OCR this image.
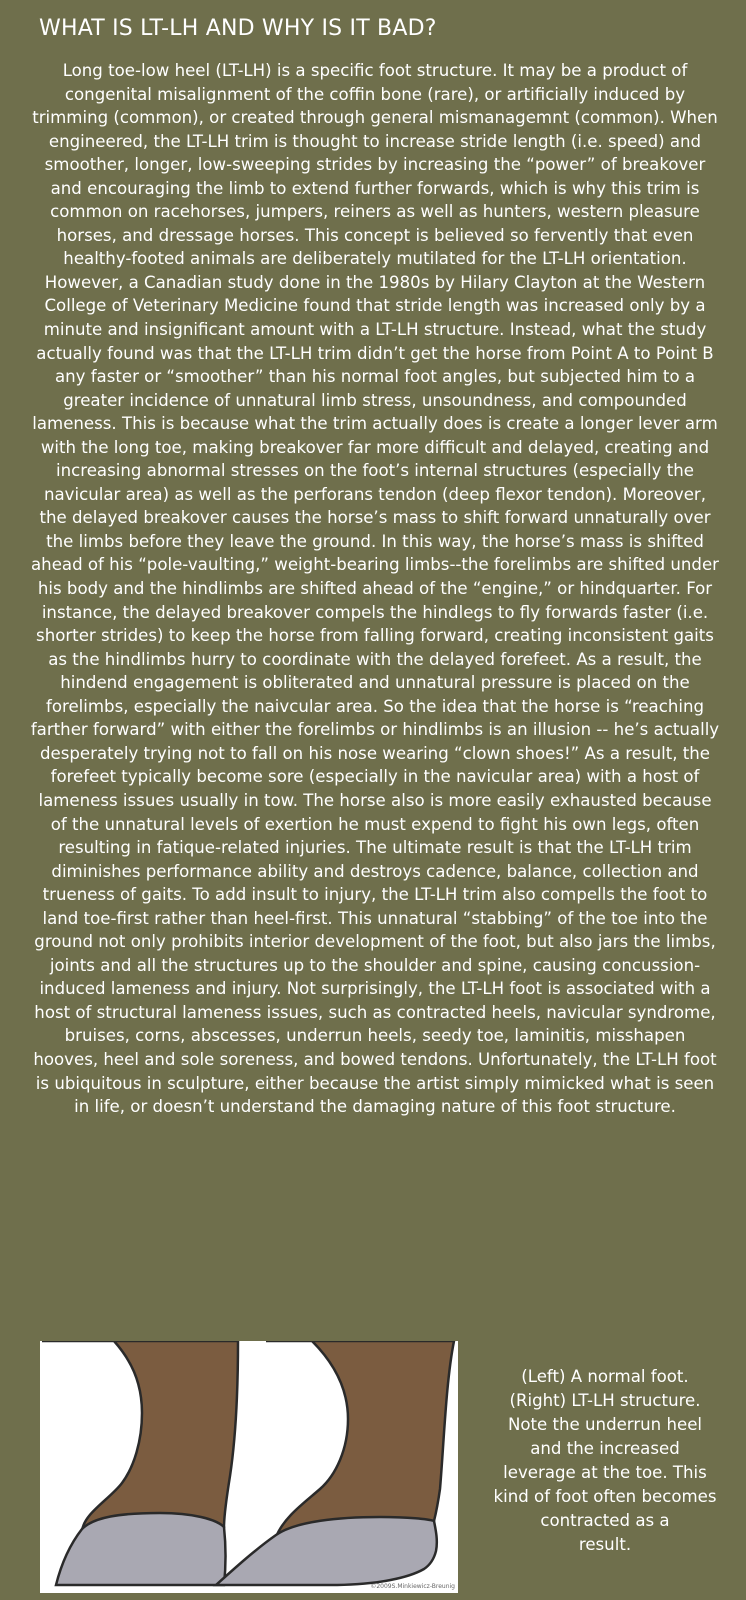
WHAT IS LT-LH AND WHY IS IT BAD?
Long toe-low heel (LT-LH) is a specific foot structure. It may be a product of congenital misalignment of the coffin bone (rare), or artificially induced by trimming (common), or created through general mismanagemnt (common). When engineered, the LT-LH trim is thought to increase stride length (i.e. speed) and smoother, longer, low-sweeping strides by increasing the “power” of breakover and encouraging the limb to extend further forwards, which is why this trim is common on racehorses, jumpers, reiners as well as hunters, western pleasure horses, and dressage horses. This concept is believed so fervently that even healthy-footed animals are deliberately mutilated for the LT-LH orientation. However, a Canadian study done in the 1980s by Hilary Clayton at the Western College of Veterinary Medicine found that stride length was increased only by a minute and insignificant amount with a LT-LH structure. Instead, what the study actually found was that the LT-LH trim didn’t get the horse from Point A to Point B any faster or “smoother” than his normal foot angles, but subjected him to a greater incidence of unnatural limb stress, unsoundness, and compounded lameness. This is because what the trim actually does is create a longer lever arm with the long toe, making breakover far more difficult and delayed, creating and increasing abnormal stresses on the foot’s internal structures (especially the navicular area) as well as the perforans tendon (deep flexor tendon). Moreover, the delayed breakover causes the horse’s mass to shift forward unnaturally over the limbs before they leave the ground. In this way, the horse’s mass is shifted ahead of his “pole-vaulting,” weight-bearing limbs--the forelimbs are shifted under his body and the hindlimbs are shifted ahead of the “engine,” or hindquarter. For instance, the delayed breakover compels the hindlegs to fly forwards faster (i.e. shorter strides) to keep the horse from falling forward, creating inconsistent gaits as the hindlimbs hurry to coordinate with the delayed forefeet. As a result, the hindend engagement is obliterated and unnatural pressure is placed on the forelimbs, especially the naivcular area. So the idea that the horse is “reaching farther forward” with either the forelimbs or hindlimbs is an illusion -- he’s actually desperately trying not to fall on his nose wearing “clown shoes!” As a result, the forefeet typically become sore (especially in the navicular area) with a host of lameness issues usually in tow. The horse also is more easily exhausted because of the unnatural levels of exertion he must expend to fight his own legs, often resulting in fatique-related injuries. The ultimate result is that the LT-LH trim diminishes performance ability and destroys cadence, balance, collection and trueness of gaits. To add insult to injury, the LT-LH trim also compells the foot to land toe-first rather than heel-first. This unnatural “stabbing” of the toe into the ground not only prohibits interior development of the foot, but also jars the limbs, joints and all the structures up to the shoulder and spine, causing concussion-induced lameness and injury. Not surprisingly, the LT-LH foot is associated with a host of structural lameness issues, such as contracted heels, navicular syndrome, bruises, corns, abscesses, underrun heels, seedy toe, laminitis, misshapen hooves, heel and sole soreness, and bowed tendons. Unfortunately, the LT-LH foot is ubiquitous in sculpture, either because the artist simply mimicked what is seen in life, or doesn’t understand the damaging nature of this foot structure.
©2009S.Minkiewicz-Breunig
(Left) A normal foot.
(Right) LT-LH structure.
Note the underrun heel
and the increased
leverage at the toe. This
kind of foot often becomes
contracted as a
result.
